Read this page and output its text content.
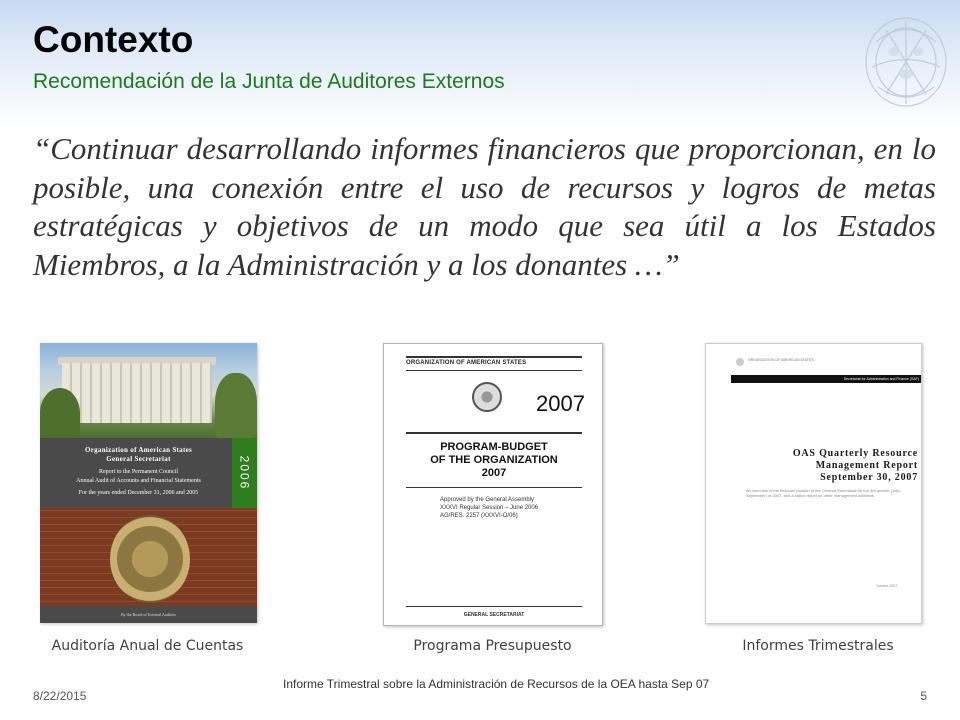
Contexto
Recomendación de la Junta de Auditores Externos
“Continuar desarrollando informes financieros que proporcionan, en lo posible, una conexión entre el uso de recursos y logros de metas estratégicas y objetivos de un modo que sea útil a los Estados Miembros, a la Administración y a los donantes …”
Organization of American States
General Secretariat
Report to the Permanent Council
Annual Audit of Accounts and Financial Statements
For the years ended December 31, 2006 and 2005
2006
By the Board of External Auditors
ORGANIZATION OF AMERICAN STATES
2007
PROGRAM-BUDGET
OF THE ORGANIZATION
2007
Approved by the General Assembly
XXXVI Regular Session – June 2006
AG/RES. 2257 (XXXVI-O/06)
GENERAL SECRETARIAT
ORGANIZATION OF AMERICAN STATES
Secretariat for Administration and Finance (SAF)
OAS Quarterly Resource
Management Report
September 30, 2007
An overview of the financial position of the General Secretariat for the 3rd quarter (July–September) of 2007, and a status report on other management activities.
October 2007
Auditoría Anual de Cuentas	Programa Presupuesto	Informes Trimestrales
8/22/2015
Informe Trimestral sobre la Administración de Recursos de la OEA hasta Sep 07
5
